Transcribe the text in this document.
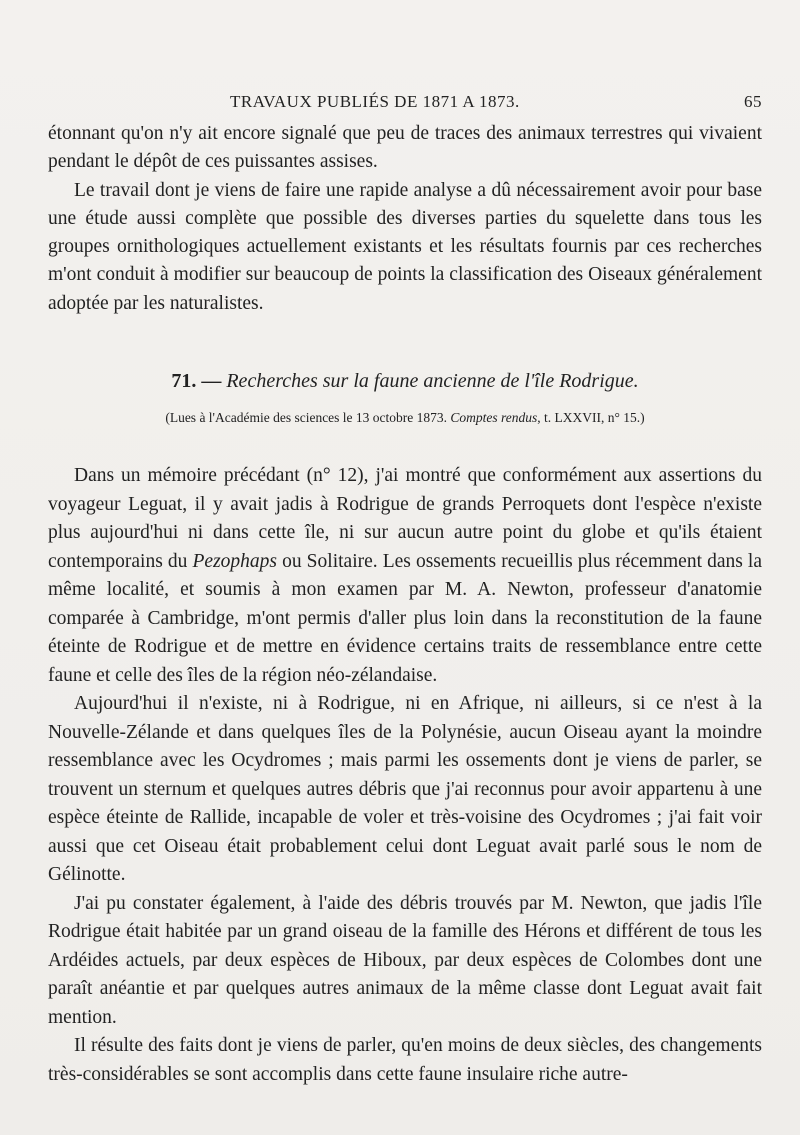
TRAVAUX PUBLIÉS DE 1871 A 1873.	65

étonnant qu'on n'y ait encore signalé que peu de traces des animaux terrestres qui vivaient pendant le dépôt de ces puissantes assises.

Le travail dont je viens de faire une rapide analyse a dû nécessairement avoir pour base une étude aussi complète que possible des diverses parties du squelette dans tous les groupes ornithologiques actuellement existants et les résultats fournis par ces recherches m'ont conduit à modifier sur beaucoup de points la classification des Oiseaux généralement adoptée par les naturalistes.

71. — Recherches sur la faune ancienne de l'île Rodrigue.
(Lues à l'Académie des sciences le 13 octobre 1873. Comptes rendus, t. LXXVII, n° 15.)

Dans un mémoire précédant (n° 12), j'ai montré que conformément aux assertions du voyageur Leguat, il y avait jadis à Rodrigue de grands Perroquets dont l'espèce n'existe plus aujourd'hui ni dans cette île, ni sur aucun autre point du globe et qu'ils étaient contemporains du Pezophaps ou Solitaire. Les ossements recueillis plus récemment dans la même localité, et soumis à mon examen par M. A. Newton, professeur d'anatomie comparée à Cambridge, m'ont permis d'aller plus loin dans la reconstitution de la faune éteinte de Rodrigue et de mettre en évidence certains traits de ressemblance entre cette faune et celle des îles de la région néo-zélandaise.

Aujourd'hui il n'existe, ni à Rodrigue, ni en Afrique, ni ailleurs, si ce n'est à la Nouvelle-Zélande et dans quelques îles de la Polynésie, aucun Oiseau ayant la moindre ressemblance avec les Ocydromes ; mais parmi les ossements dont je viens de parler, se trouvent un sternum et quelques autres débris que j'ai reconnus pour avoir appartenu à une espèce éteinte de Rallide, incapable de voler et très-voisine des Ocydromes ; j'ai fait voir aussi que cet Oiseau était probablement celui dont Leguat avait parlé sous le nom de Gélinotte.

J'ai pu constater également, à l'aide des débris trouvés par M. Newton, que jadis l'île Rodrigue était habitée par un grand oiseau de la famille des Hérons et différent de tous les Ardéides actuels, par deux espèces de Hiboux, par deux espèces de Colombes dont une paraît anéantie et par quelques autres animaux de la même classe dont Leguat avait fait mention.

Il résulte des faits dont je viens de parler, qu'en moins de deux siècles, des changements très-considérables se sont accomplis dans cette faune insulaire riche autre-
